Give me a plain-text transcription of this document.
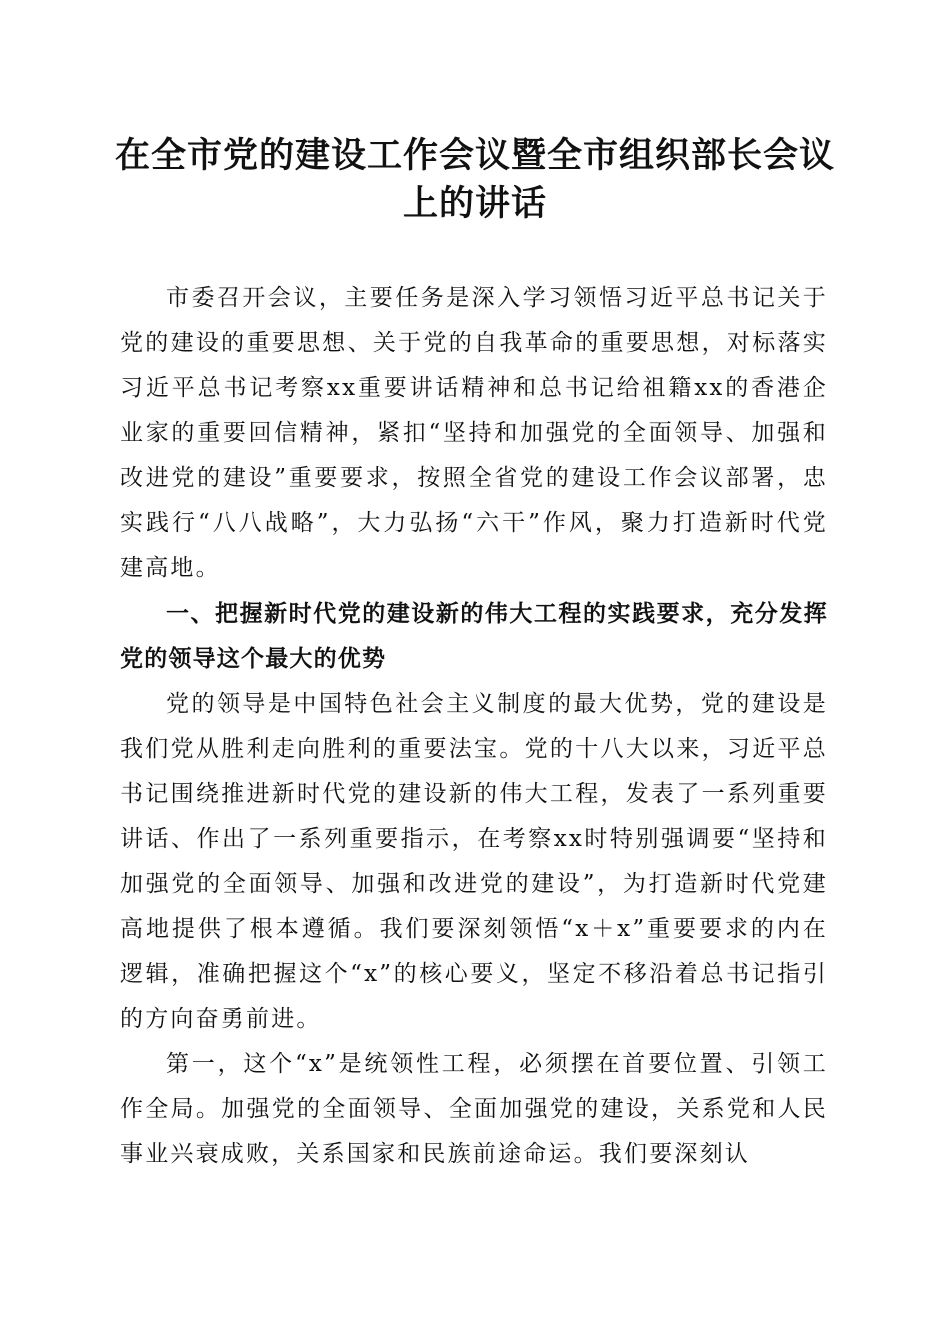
在全市党的建设工作会议暨全市组织部长会议
上的讲话

市委召开会议，主要任务是深入学习领悟习近平总书记关于党的建设的重要思想、关于党的自我革命的重要思想，对标落实习近平总书记考察xx重要讲话精神和总书记给祖籍xx的香港企业家的重要回信精神，紧扣“坚持和加强党的全面领导、加强和改进党的建设”重要要求，按照全省党的建设工作会议部署，忠实践行“八八战略”，大力弘扬“六干”作风，聚力打造新时代党建高地。

一、把握新时代党的建设新的伟大工程的实践要求，充分发挥党的领导这个最大的优势

党的领导是中国特色社会主义制度的最大优势，党的建设是我们党从胜利走向胜利的重要法宝。党的十八大以来，习近平总书记围绕推进新时代党的建设新的伟大工程，发表了一系列重要讲话、作出了一系列重要指示，在考察xx时特别强调要“坚持和加强党的全面领导、加强和改进党的建设”，为打造新时代党建高地提供了根本遵循。我们要深刻领悟“x＋x”重要要求的内在逻辑，准确把握这个“x”的核心要义，坚定不移沿着总书记指引的方向奋勇前进。

第一，这个“x”是统领性工程，必须摆在首要位置、引领工作全局。加强党的全面领导、全面加强党的建设，关系党和人民事业兴衰成败，关系国家和民族前途命运。我们要深刻认
